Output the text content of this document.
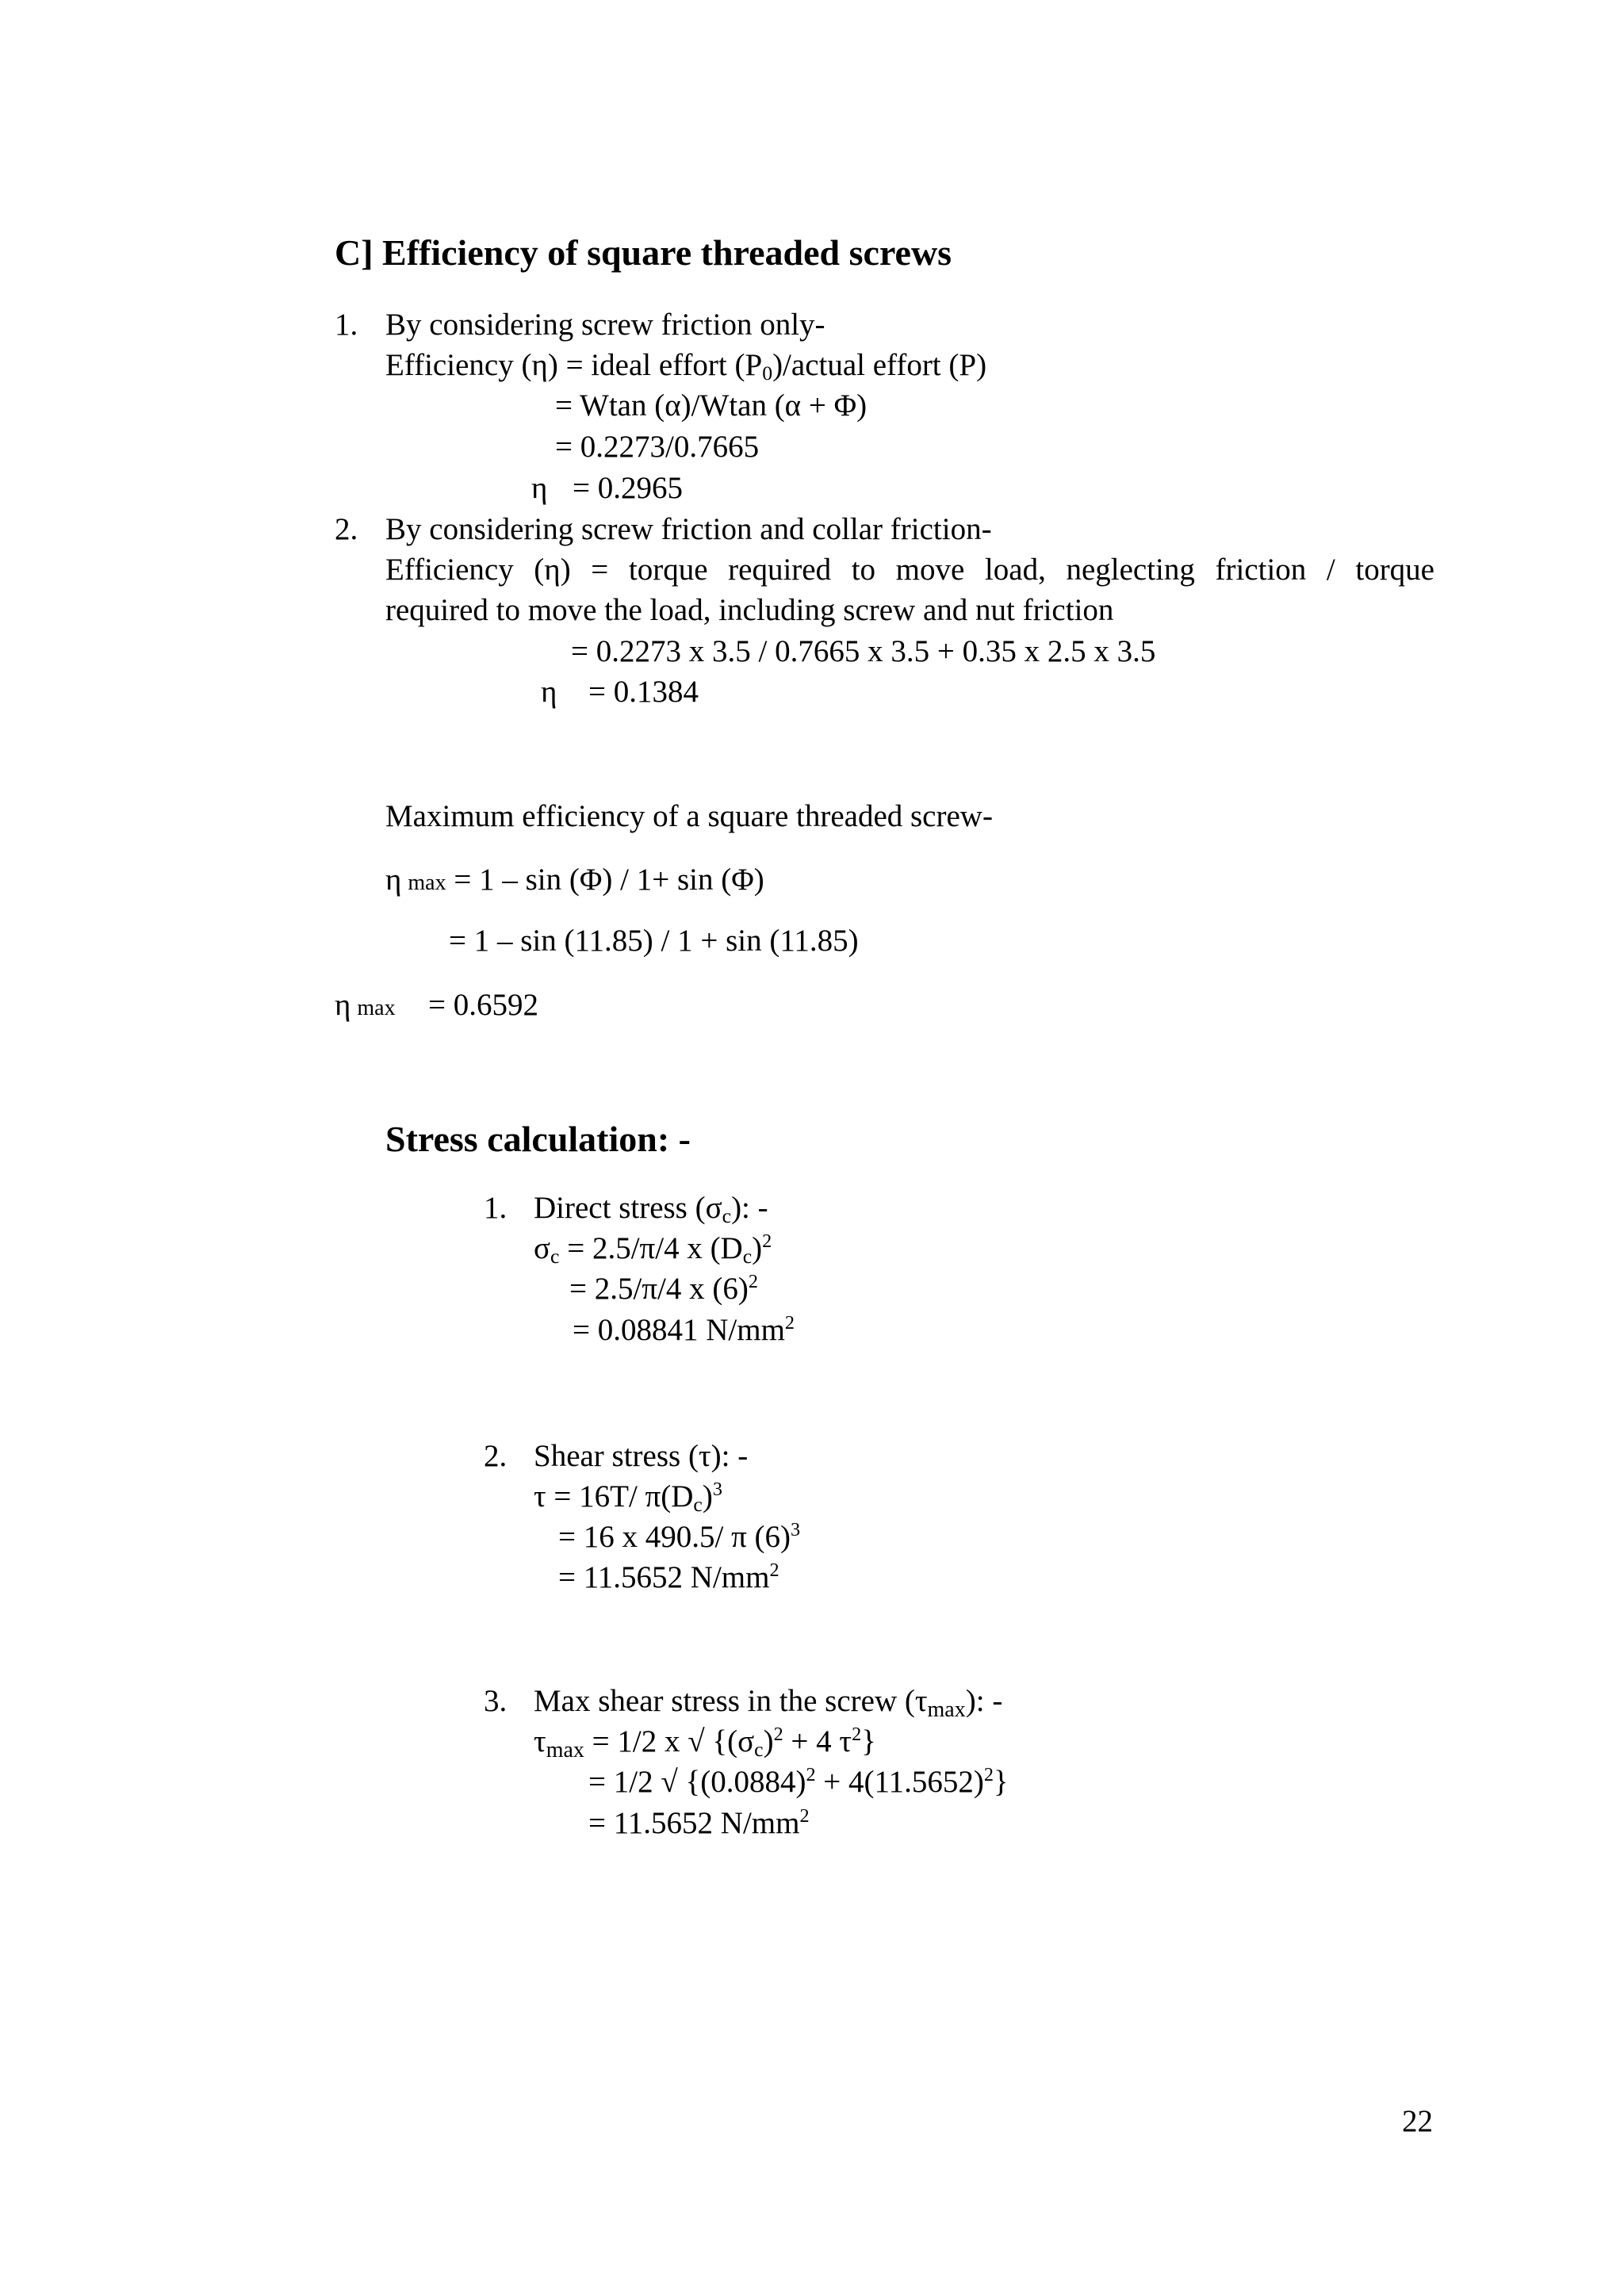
C] Efficiency of square threaded screws
1. By considering screw friction only-
Efficiency (η) = ideal effort $(P_0)$/actual effort (P)
= Wtan (α)/Wtan (α + Φ)
= 0.2273/0.7665
η = 0.2965
2. By considering screw friction and collar friction-
Efficiency (η) = torque required to move load, neglecting friction / torque
required to move the load, including screw and nut friction
= 0.2273 x 3.5 / 0.7665 x 3.5 + 0.35 x 2.5 x 3.5
η = 0.1384
Maximum efficiency of a square threaded screw-
η max = 1 – sin (Φ) / 1+ sin (Φ)
= 1 – sin (11.85) / 1 + sin (11.85)
η max = 0.6592
Stress calculation: -
1. Direct stress $(\sigma_c)$: -
$\sigma_c = 2.5/\pi/4$ x $(D_c)^2$
= 2.5/π/4 x $(6)^2$
= 0.08841 $N/mm^2$
2. Shear stress (τ): -
τ = 16T/ $\pi(D_c)^3$
= 16 x 490.5/ π $(6)^3$
= 11.5652 $N/mm^2$
3. Max shear stress in the screw $(\tau_{max})$: -
$\tau_{max} = 1/2$ x √ {$(\sigma_c)^2 + 4$ $\tau^2$}
= 1/2 √ $\{(0.0884)^2 + 4(11.5652)^2\}$
= 11.5652 $N/mm^2$
22
